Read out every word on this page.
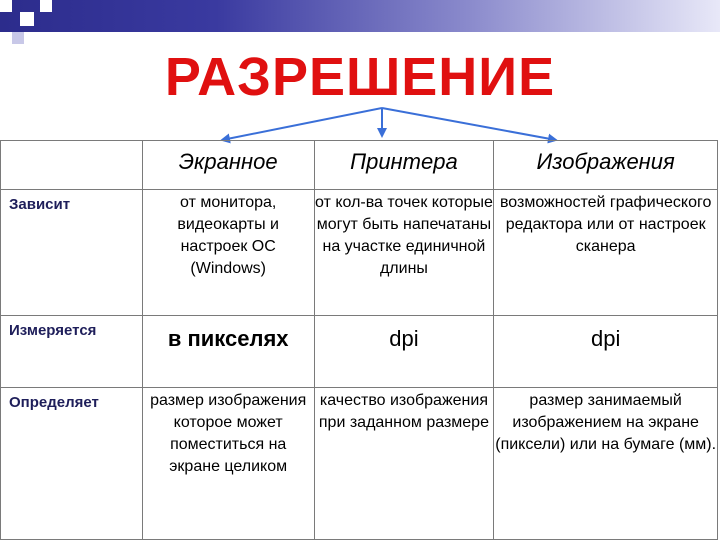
РАЗРЕШЕНИЕ
	Экранное	Принтера	Изображения
Зависит	от монитора, видеокарты и настроек ОС (Windows)	от кол-ва точек которые могут быть напечатаны на участке единичной длины	возможностей графического редактора или от настроек сканера
Измеряется	в пикселях	dpi	dpi
Определяет	размер изображения которое может поместиться на экране целиком	качество изображения при заданном размере	размер занимаемый изображением на экране (пиксели) или на бумаге (мм).
